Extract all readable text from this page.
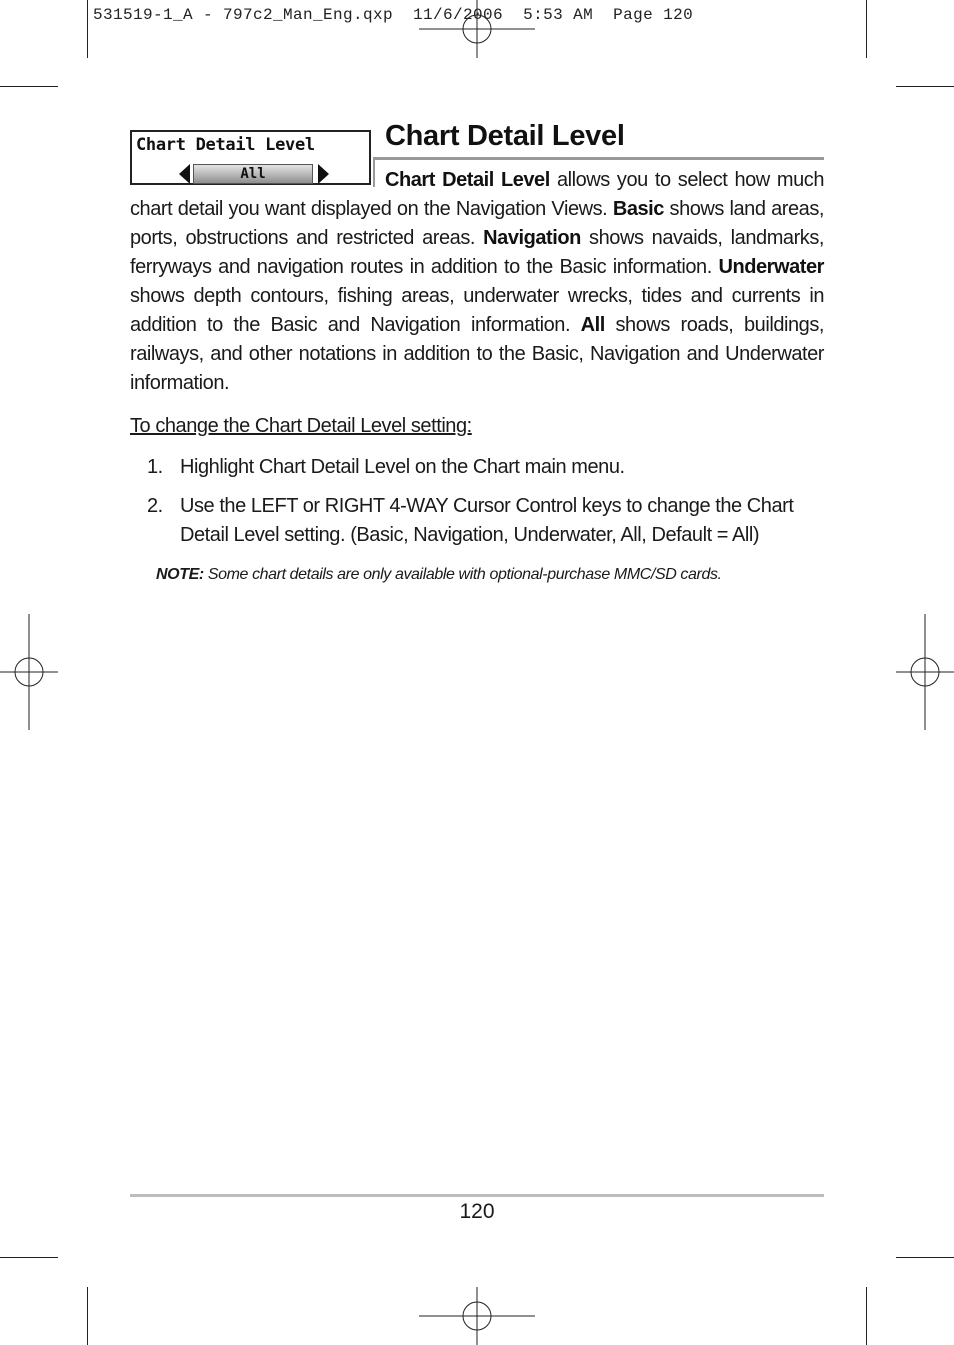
531519-1_A - 797c2_Man_Eng.qxp  11/6/2006  5:53 AM  Page 120
Chart Detail Level
All
Chart Detail Level
Chart Detail Level allows you to select how much chart detail you want displayed on the Navigation Views. Basic shows land areas, ports, obstructions and restricted areas. Navigation shows navaids, landmarks, ferryways and navigation routes in addition to the Basic information. Underwater shows depth contours, fishing areas, underwater wrecks, tides and currents in addition to the Basic and Navigation information. All shows roads, buildings, railways, and other notations in addition to the Basic, Navigation and Underwater information.
To change the Chart Detail Level setting:
1. Highlight Chart Detail Level on the Chart main menu.
2. Use the LEFT or RIGHT 4-WAY Cursor Control keys to change the Chart Detail Level setting. (Basic, Navigation, Underwater, All, Default = All)
NOTE: Some chart details are only available with optional-purchase MMC/SD cards.
120
